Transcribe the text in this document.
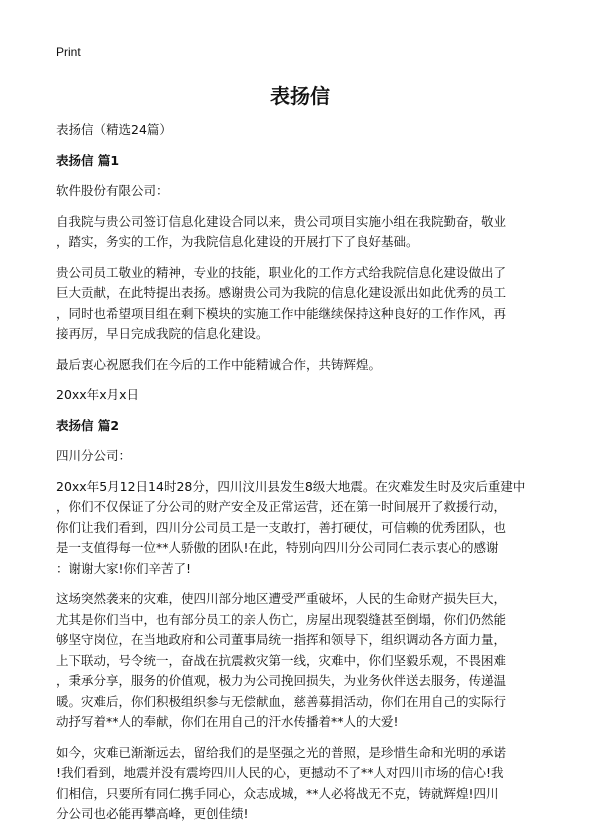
Print
表扬信

表扬信（精选24篇）

表扬信 篇1

软件股份有限公司：

自我院与贵公司签订信息化建设合同以来，贵公司项目实施小组在我院勤奋，敬业

，踏实，务实的工作，为我院信息化建设的开展打下了良好基础。

贵公司员工敬业的精神，专业的技能，职业化的工作方式给我院信息化建设做出了

巨大贡献，在此特提出表扬。感谢贵公司为我院的信息化建设派出如此优秀的员工

，同时也希望项目组在剩下模块的实施工作中能继续保持这种良好的工作作风，再

接再厉，早日完成我院的信息化建设。

最后衷心祝愿我们在今后的工作中能精诚合作，共铸辉煌。

20xx年x月x日

表扬信 篇2

四川分公司：

20xx年5月12日14时28分，四川汶川县发生8级大地震。在灾难发生时及灾后重建中

，你们不仅保证了分公司的财产安全及正常运营，还在第一时间展开了救援行动，

你们让我们看到，四川分公司员工是一支敢打，善打硬仗，可信赖的优秀团队，也

是一支值得每一位**人骄傲的团队!在此，特别向四川分公司同仁表示衷心的感谢

：谢谢大家!你们辛苦了!

这场突然袭来的灾难，使四川部分地区遭受严重破坏，人民的生命财产损失巨大，

尤其是你们当中，也有部分员工的亲人伤亡，房屋出现裂缝甚至倒塌，你们仍然能

够坚守岗位，在当地政府和公司董事局统一指挥和领导下，组织调动各方面力量，

上下联动，号令统一，奋战在抗震救灾第一线，灾难中，你们坚毅乐观，不畏困难

，秉承分享，服务的价值观，极力为公司挽回损失，为业务伙伴送去服务，传递温

暖。灾难后，你们积极组织参与无偿献血，慈善募捐活动，你们在用自己的实际行

动抒写着**人的奉献，你们在用自己的汗水传播着**人的大爱!

如今，灾难已渐渐远去，留给我们的是坚强之光的普照，是珍惜生命和光明的承诺

!我们看到，地震并没有震垮四川人民的心，更撼动不了**人对四川市场的信心!我

们相信，只要所有同仁携手同心，众志成城，**人必将战无不克，铸就辉煌!四川

分公司也必能再攀高峰，更创佳绩!
